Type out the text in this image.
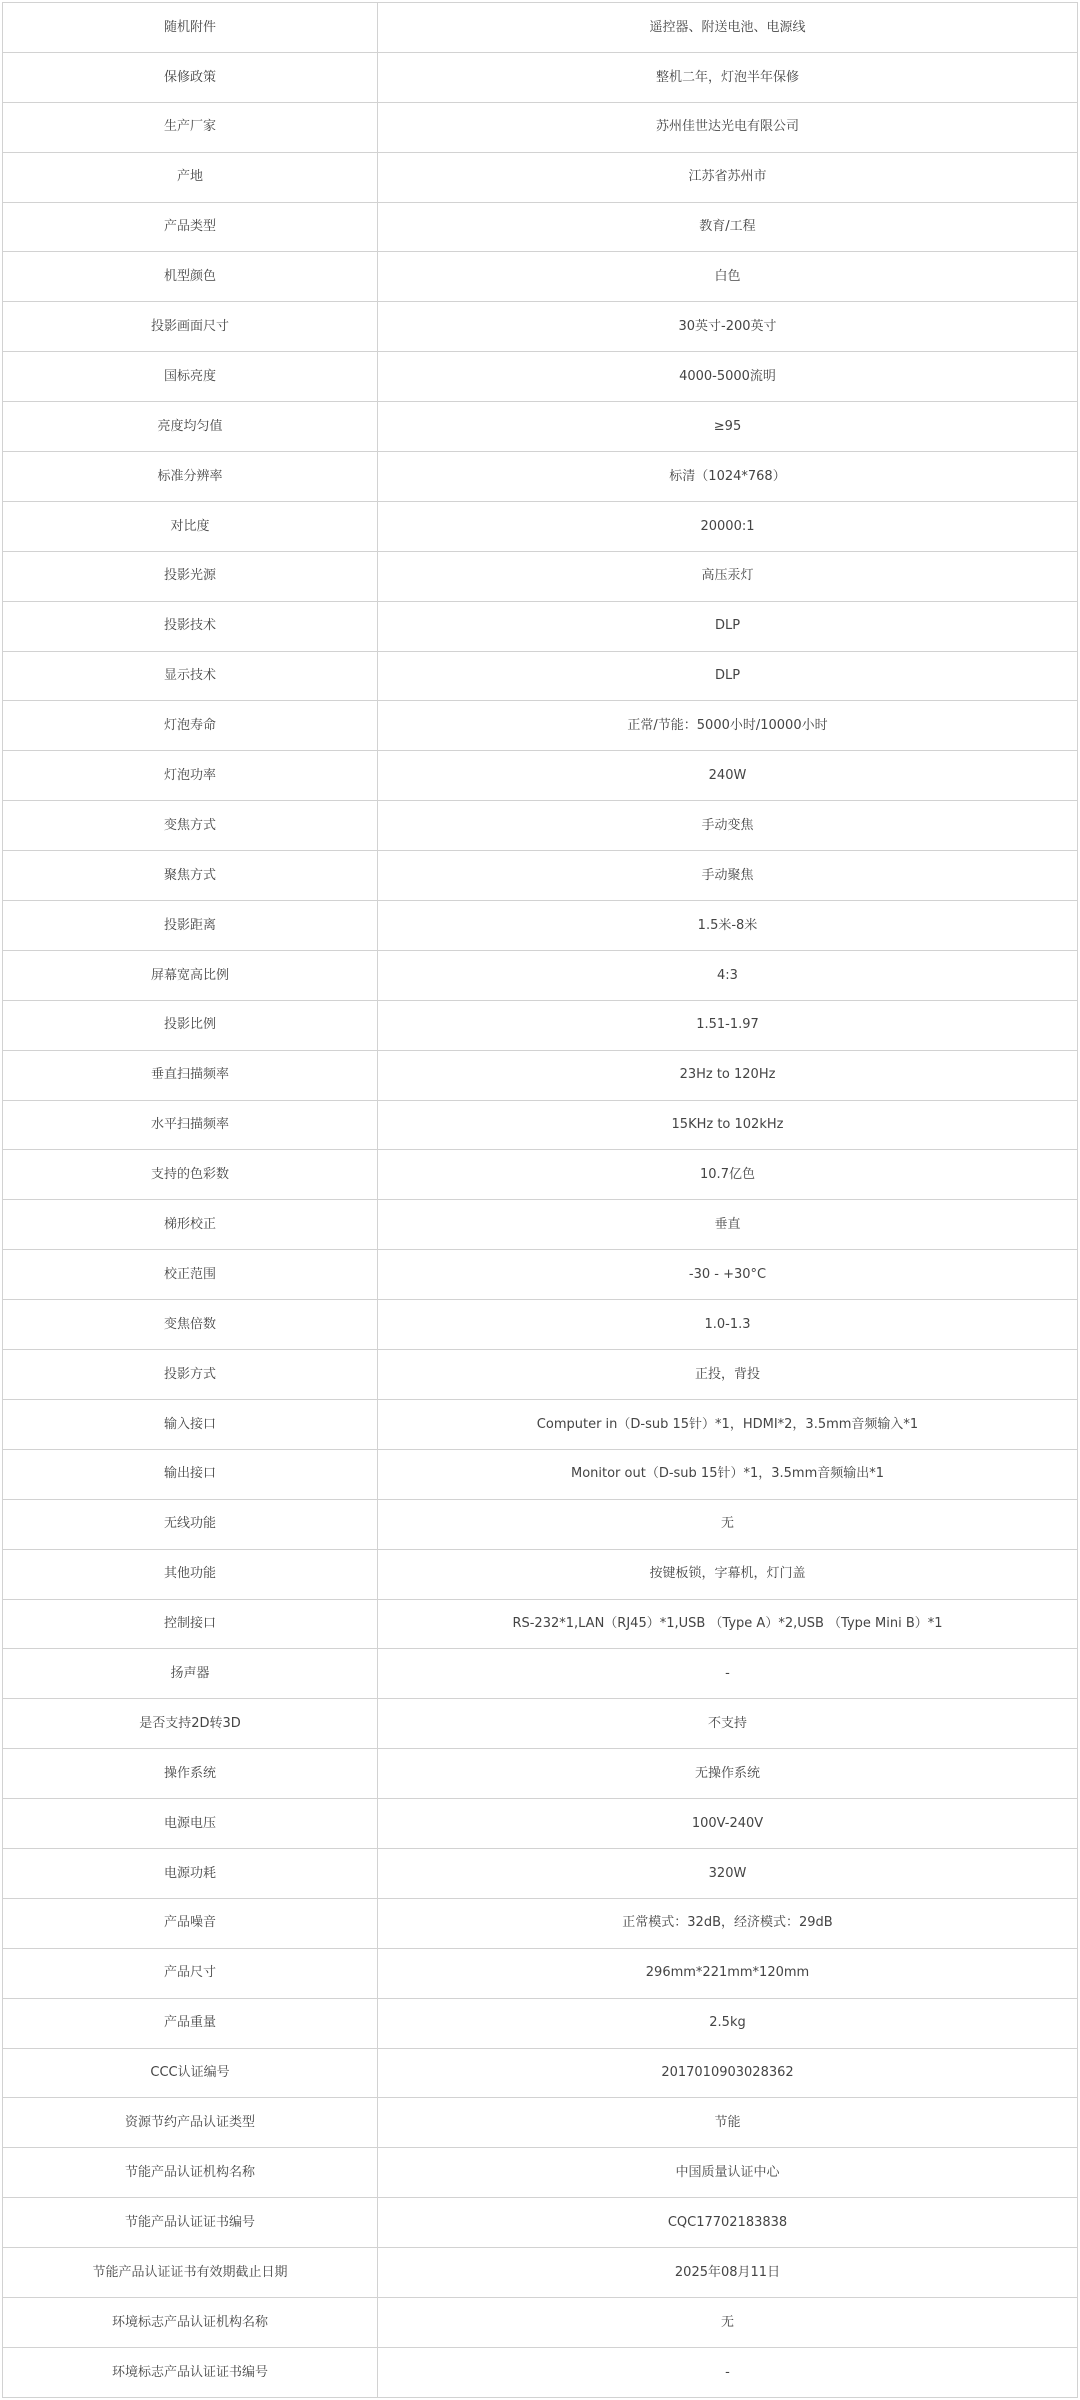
随机附件	遥控器、附送电池、电源线
保修政策	整机二年，灯泡半年保修
生产厂家	苏州佳世达光电有限公司
产地	江苏省苏州市
产品类型	教育/工程
机型颜色	白色
投影画面尺寸	30英寸-200英寸
国标亮度	4000-5000流明
亮度均匀值	≥95
标准分辨率	标清（1024*768）
对比度	20000:1
投影光源	高压汞灯
投影技术	DLP
显示技术	DLP
灯泡寿命	正常/节能：5000小时/10000小时
灯泡功率	240W
变焦方式	手动变焦
聚焦方式	手动聚焦
投影距离	1.5米-8米
屏幕宽高比例	4:3
投影比例	1.51-1.97
垂直扫描频率	23Hz to 120Hz
水平扫描频率	15KHz to 102kHz
支持的色彩数	10.7亿色
梯形校正	垂直
校正范围	-30 - +30°C
变焦倍数	1.0-1.3
投影方式	正投，背投
输入接口	Computer in（D-sub 15针）*1，HDMI*2，3.5mm音频输入*1
输出接口	Monitor out（D-sub 15针）*1，3.5mm音频输出*1
无线功能	无
其他功能	按键板锁，字幕机，灯门盖
控制接口	RS-232*1,LAN（RJ45）*1,USB （Type A）*2,USB （Type Mini B）*1
扬声器	-
是否支持2D转3D	不支持
操作系统	无操作系统
电源电压	100V-240V
电源功耗	320W
产品噪音	正常模式：32dB，经济模式：29dB
产品尺寸	296mm*221mm*120mm
产品重量	2.5kg
CCC认证编号	2017010903028362
资源节约产品认证类型	节能
节能产品认证机构名称	中国质量认证中心
节能产品认证证书编号	CQC17702183838
节能产品认证证书有效期截止日期	2025年08月11日
环境标志产品认证机构名称	无
环境标志产品认证证书编号	-
